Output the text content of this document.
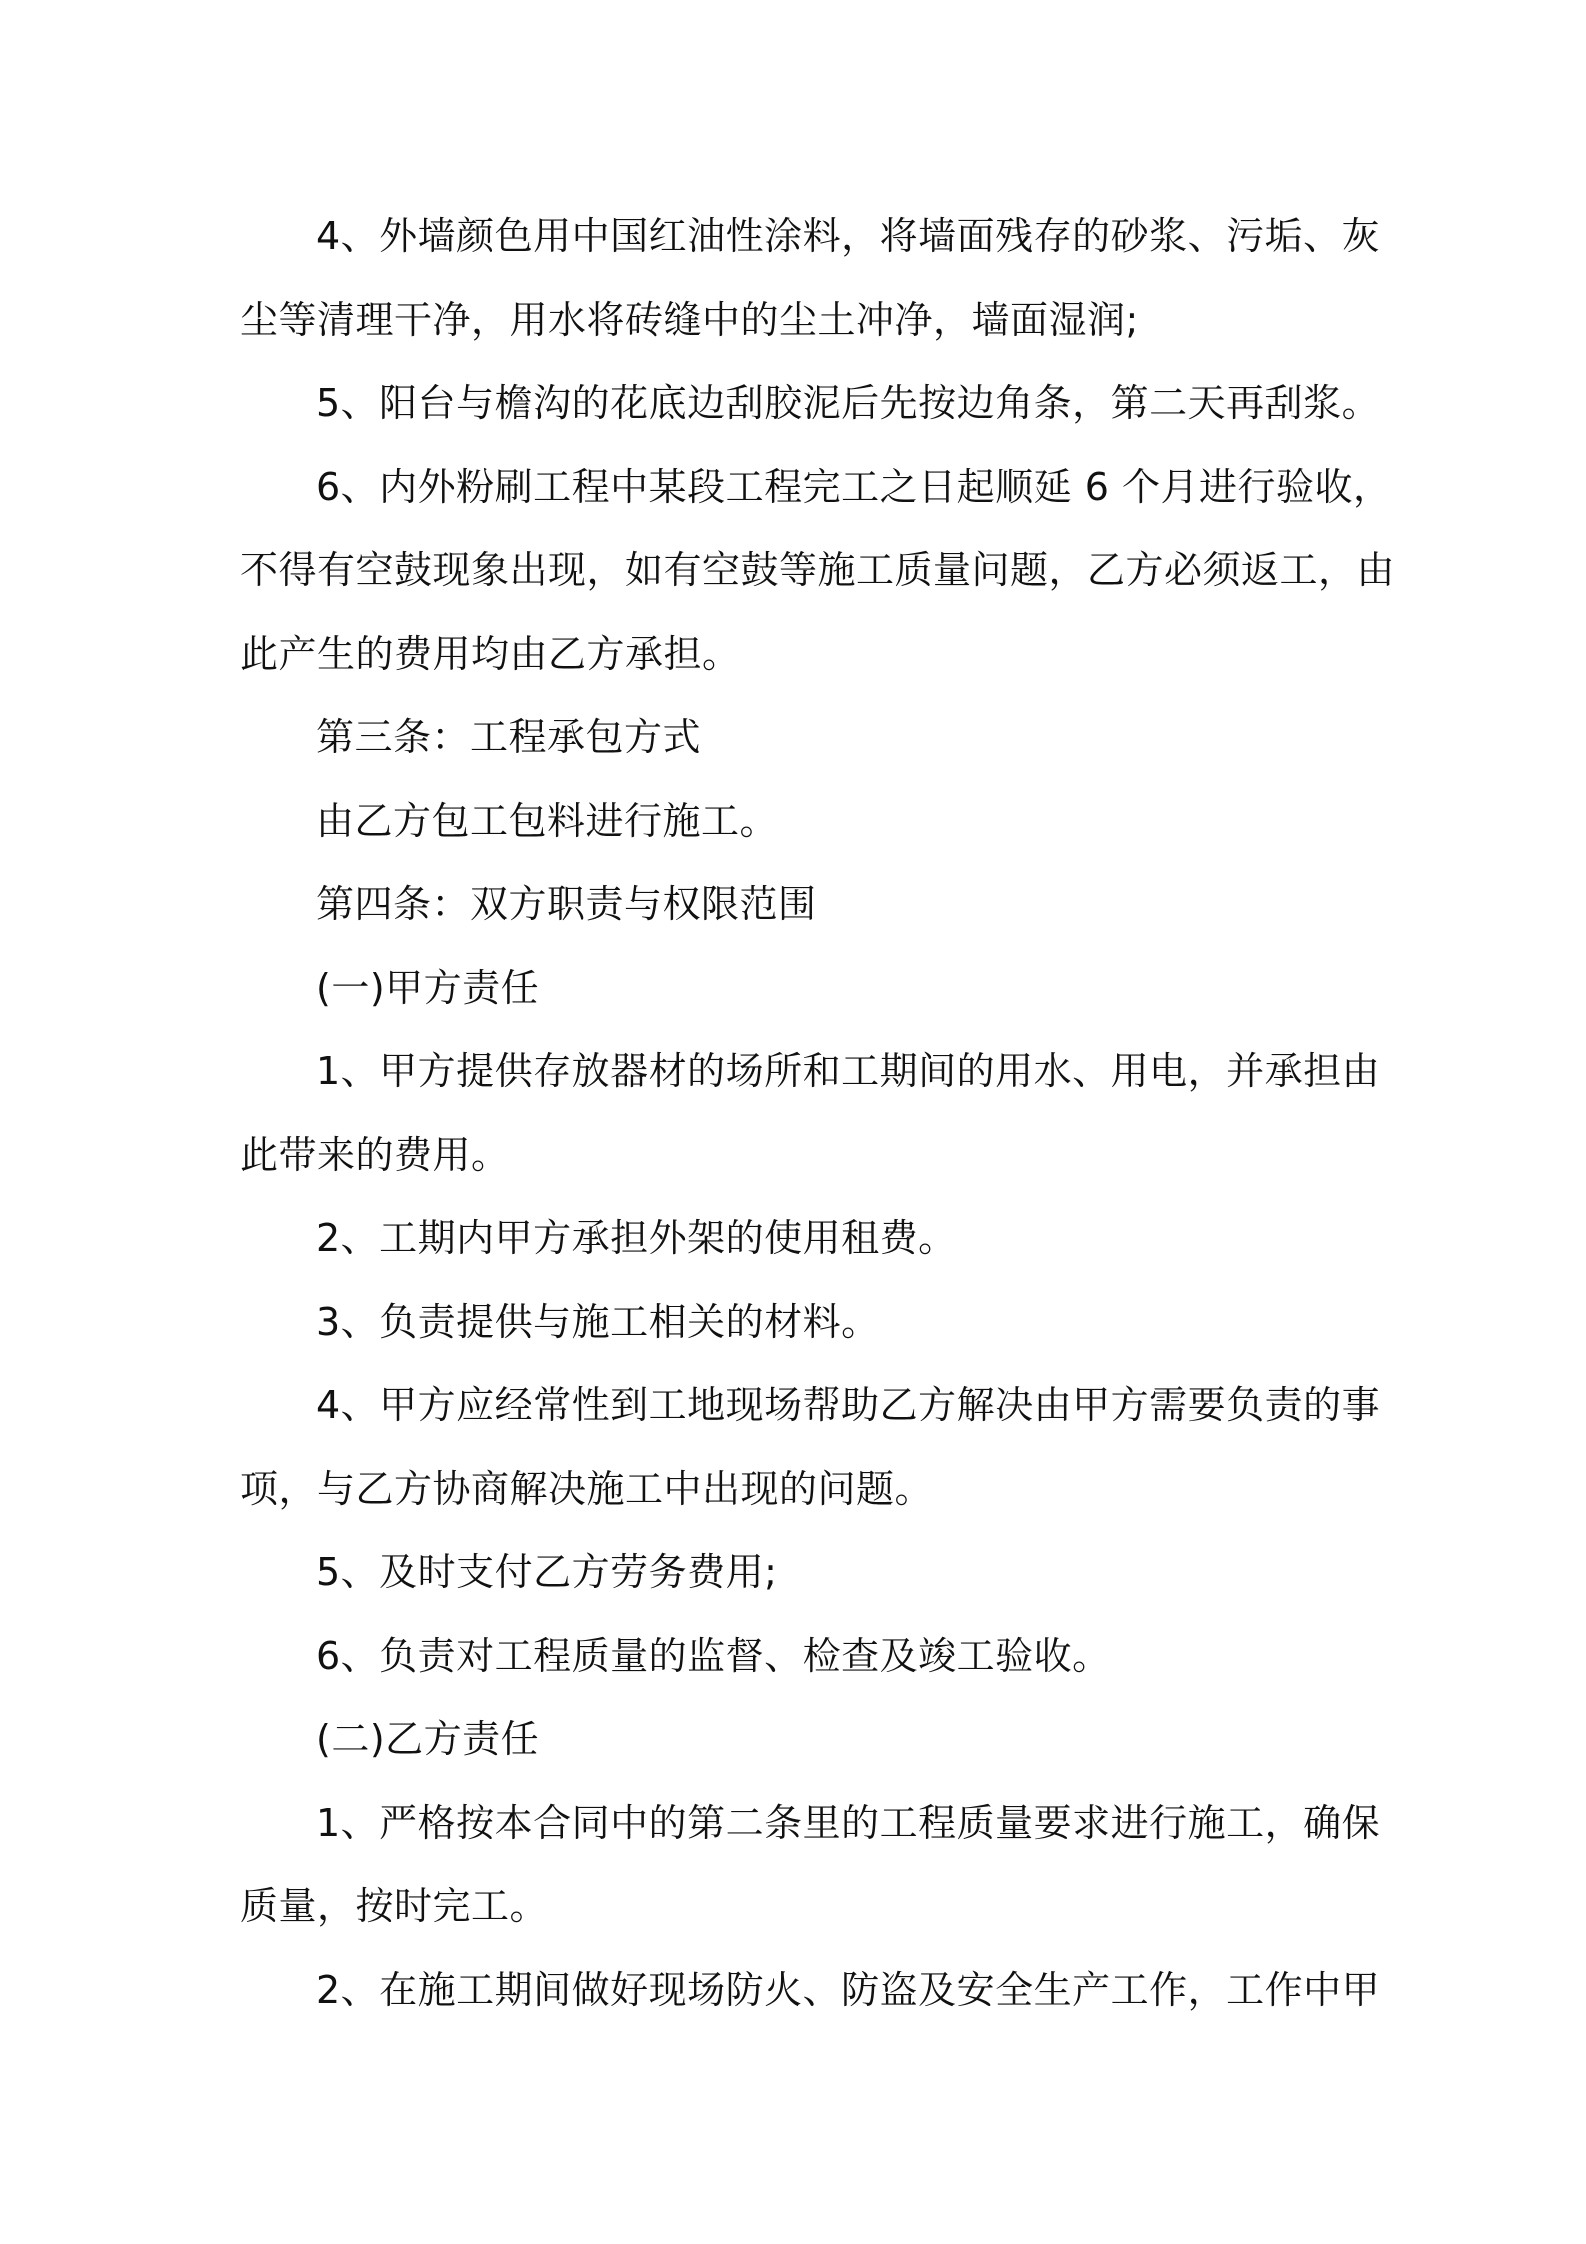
4、外墙颜色用中国红油性涂料，将墙面残存的砂浆、污垢、灰

尘等清理干净，用水将砖缝中的尘土冲净，墙面湿润;

5、阳台与檐沟的花底边刮胶泥后先按边角条，第二天再刮浆。

6、内外粉刷工程中某段工程完工之日起顺延 6 个月进行验收，

不得有空鼓现象出现，如有空鼓等施工质量问题，乙方必须返工，由

此产生的费用均由乙方承担。

第三条：工程承包方式

由乙方包工包料进行施工。

第四条：双方职责与权限范围

(一)甲方责任

1、甲方提供存放器材的场所和工期间的用水、用电，并承担由

此带来的费用。

2、工期内甲方承担外架的使用租费。

3、负责提供与施工相关的材料。

4、甲方应经常性到工地现场帮助乙方解决由甲方需要负责的事

项，与乙方协商解决施工中出现的问题。

5、及时支付乙方劳务费用;

6、负责对工程质量的监督、检查及竣工验收。

(二)乙方责任

1、严格按本合同中的第二条里的工程质量要求进行施工，确保

质量，按时完工。

2、在施工期间做好现场防火、防盗及安全生产工作，工作中甲
